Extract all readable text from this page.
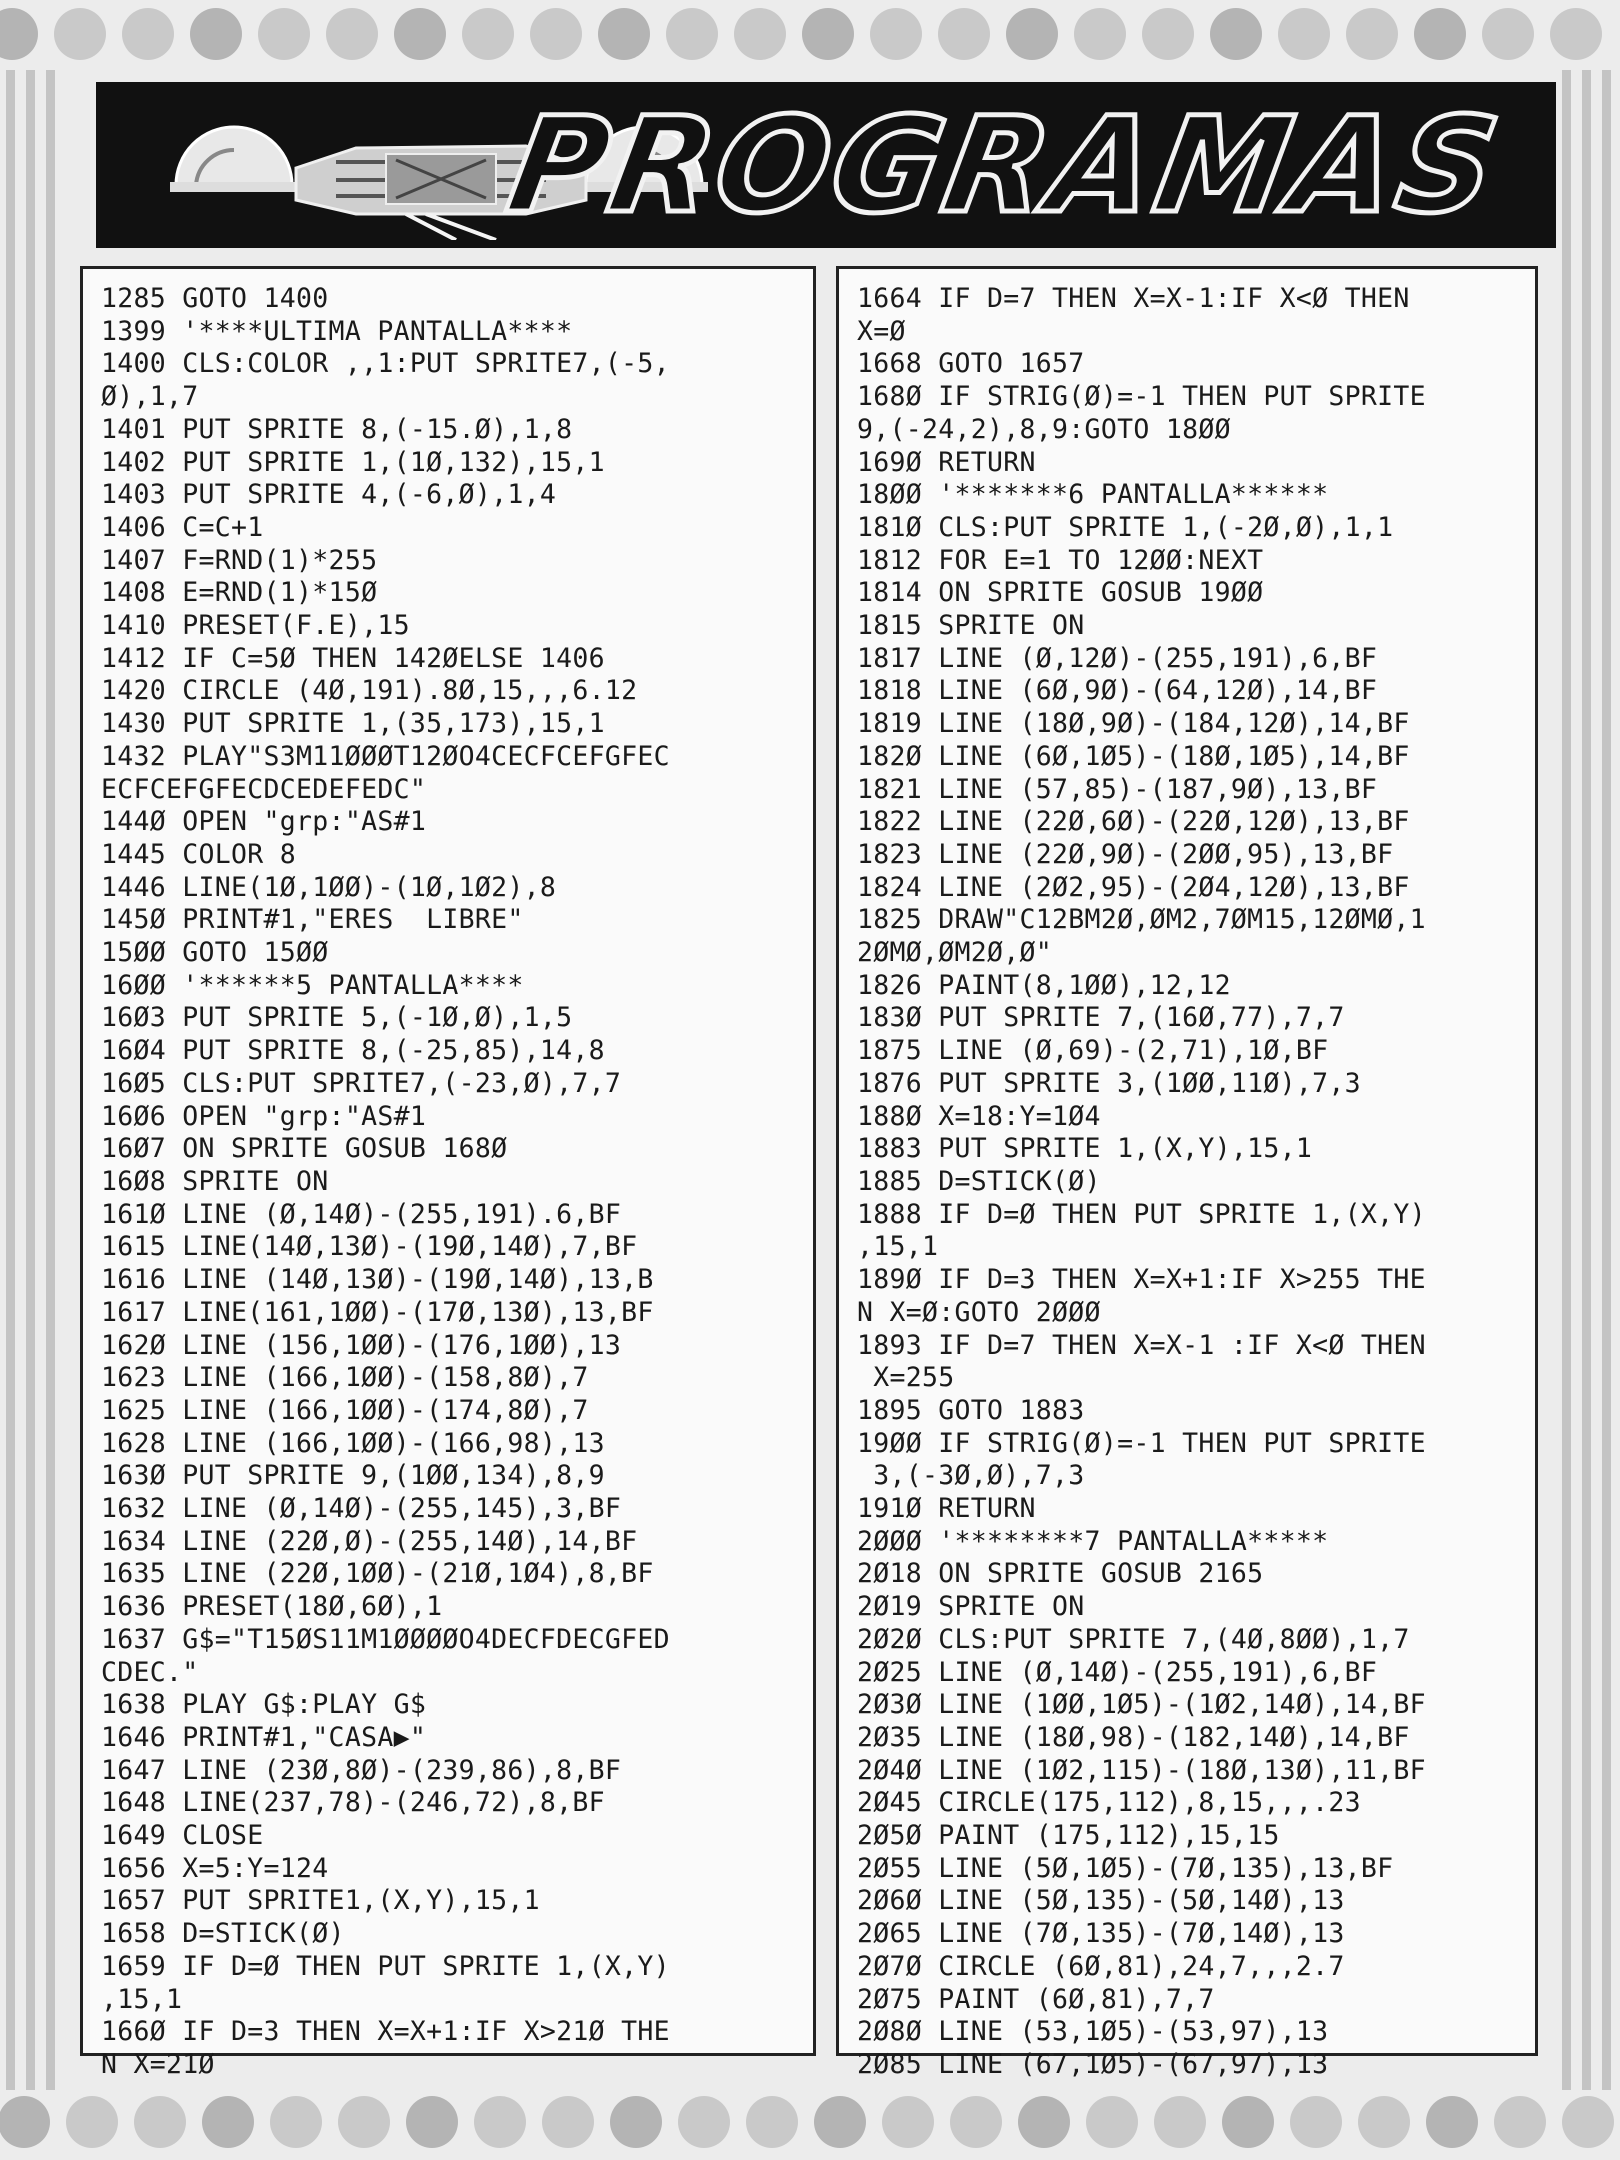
PROGRAMAS
1285 GOTO 1400
1399 '****ULTIMA PANTALLA****
1400 CLS:COLOR ,,1:PUT SPRITE7,(-5,
Ø),1,7
1401 PUT SPRITE 8,(-15.Ø),1,8
1402 PUT SPRITE 1,(1Ø,132),15,1
1403 PUT SPRITE 4,(-6,Ø),1,4
1406 C=C+1
1407 F=RND(1)*255
1408 E=RND(1)*15Ø
1410 PRESET(F.E),15
1412 IF C=5Ø THEN 142ØELSE 1406
1420 CIRCLE (4Ø,191).8Ø,15,,,6.12
1430 PUT SPRITE 1,(35,173),15,1
1432 PLAY"S3M11ØØØT12ØO4CECFCEFGFEC
ECFCEFGFECDCEDEFEDC"
144Ø OPEN "grp:"AS#1
1445 COLOR 8
1446 LINE(1Ø,1ØØ)-(1Ø,1Ø2),8
145Ø PRINT#1,"ERES  LIBRE"
15ØØ GOTO 15ØØ
16ØØ '******5 PANTALLA****
16Ø3 PUT SPRITE 5,(-1Ø,Ø),1,5
16Ø4 PUT SPRITE 8,(-25,85),14,8
16Ø5 CLS:PUT SPRITE7,(-23,Ø),7,7
16Ø6 OPEN "grp:"AS#1
16Ø7 ON SPRITE GOSUB 168Ø
16Ø8 SPRITE ON
161Ø LINE (Ø,14Ø)-(255,191).6,BF
1615 LINE(14Ø,13Ø)-(19Ø,14Ø),7,BF
1616 LINE (14Ø,13Ø)-(19Ø,14Ø),13,B
1617 LINE(161,1ØØ)-(17Ø,13Ø),13,BF
162Ø LINE (156,1ØØ)-(176,1ØØ),13
1623 LINE (166,1ØØ)-(158,8Ø),7
1625 LINE (166,1ØØ)-(174,8Ø),7
1628 LINE (166,1ØØ)-(166,98),13
163Ø PUT SPRITE 9,(1ØØ,134),8,9
1632 LINE (Ø,14Ø)-(255,145),3,BF
1634 LINE (22Ø,Ø)-(255,14Ø),14,BF
1635 LINE (22Ø,1ØØ)-(21Ø,1Ø4),8,BF
1636 PRESET(18Ø,6Ø),1
1637 G$="T15ØS11M1ØØØØO4DECFDECGFED
CDEC."
1638 PLAY G$:PLAY G$
1646 PRINT#1,"CASA▶"
1647 LINE (23Ø,8Ø)-(239,86),8,BF
1648 LINE(237,78)-(246,72),8,BF
1649 CLOSE
1656 X=5:Y=124
1657 PUT SPRITE1,(X,Y),15,1
1658 D=STICK(Ø)
1659 IF D=Ø THEN PUT SPRITE 1,(X,Y)
,15,1
166Ø IF D=3 THEN X=X+1:IF X>21Ø THE
N X=21Ø
1664 IF D=7 THEN X=X-1:IF X<Ø THEN
X=Ø
1668 GOTO 1657
168Ø IF STRIG(Ø)=-1 THEN PUT SPRITE
9,(-24,2),8,9:GOTO 18ØØ
169Ø RETURN
18ØØ '*******6 PANTALLA******
181Ø CLS:PUT SPRITE 1,(-2Ø,Ø),1,1
1812 FOR E=1 TO 12ØØ:NEXT
1814 ON SPRITE GOSUB 19ØØ
1815 SPRITE ON
1817 LINE (Ø,12Ø)-(255,191),6,BF
1818 LINE (6Ø,9Ø)-(64,12Ø),14,BF
1819 LINE (18Ø,9Ø)-(184,12Ø),14,BF
182Ø LINE (6Ø,1Ø5)-(18Ø,1Ø5),14,BF
1821 LINE (57,85)-(187,9Ø),13,BF
1822 LINE (22Ø,6Ø)-(22Ø,12Ø),13,BF
1823 LINE (22Ø,9Ø)-(2ØØ,95),13,BF
1824 LINE (2Ø2,95)-(2Ø4,12Ø),13,BF
1825 DRAW"C12BM2Ø,ØM2,7ØM15,12ØMØ,1
2ØMØ,ØM2Ø,Ø"
1826 PAINT(8,1ØØ),12,12
183Ø PUT SPRITE 7,(16Ø,77),7,7
1875 LINE (Ø,69)-(2,71),1Ø,BF
1876 PUT SPRITE 3,(1ØØ,11Ø),7,3
188Ø X=18:Y=1Ø4
1883 PUT SPRITE 1,(X,Y),15,1
1885 D=STICK(Ø)
1888 IF D=Ø THEN PUT SPRITE 1,(X,Y)
,15,1
189Ø IF D=3 THEN X=X+1:IF X>255 THE
N X=Ø:GOTO 2ØØØ
1893 IF D=7 THEN X=X-1 :IF X<Ø THEN
X=255
1895 GOTO 1883
19ØØ IF STRIG(Ø)=-1 THEN PUT SPRITE
3,(-3Ø,Ø),7,3
191Ø RETURN
2ØØØ '********7 PANTALLA*****
2Ø18 ON SPRITE GOSUB 2165
2Ø19 SPRITE ON
2Ø2Ø CLS:PUT SPRITE 7,(4Ø,8ØØ),1,7
2Ø25 LINE (Ø,14Ø)-(255,191),6,BF
2Ø3Ø LINE (1ØØ,1Ø5)-(1Ø2,14Ø),14,BF
2Ø35 LINE (18Ø,98)-(182,14Ø),14,BF
2Ø4Ø LINE (1Ø2,115)-(18Ø,13Ø),11,BF
2Ø45 CIRCLE(175,112),8,15,,,.23
2Ø5Ø PAINT (175,112),15,15
2Ø55 LINE (5Ø,1Ø5)-(7Ø,135),13,BF
2Ø6Ø LINE (5Ø,135)-(5Ø,14Ø),13
2Ø65 LINE (7Ø,135)-(7Ø,14Ø),13
2Ø7Ø CIRCLE (6Ø,81),24,7,,,2.7
2Ø75 PAINT (6Ø,81),7,7
2Ø8Ø LINE (53,1Ø5)-(53,97),13
2Ø85 LINE (67,1Ø5)-(67,97),13
